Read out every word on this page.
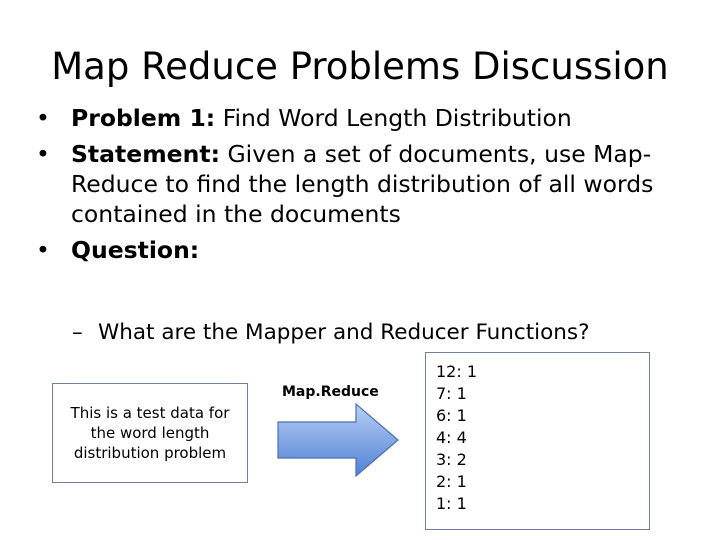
Map Reduce Problems Discussion
• Problem 1: Find Word Length Distribution
• Statement: Given a set of documents, use Map-Reduce to find the length distribution of all words contained in the documents
• Question:
– What are the Mapper and Reducer Functions?
This is a test data for the word length distribution problem
Map.Reduce
12: 1
7: 1
6: 1
4: 4
3: 2
2: 1
1: 1
